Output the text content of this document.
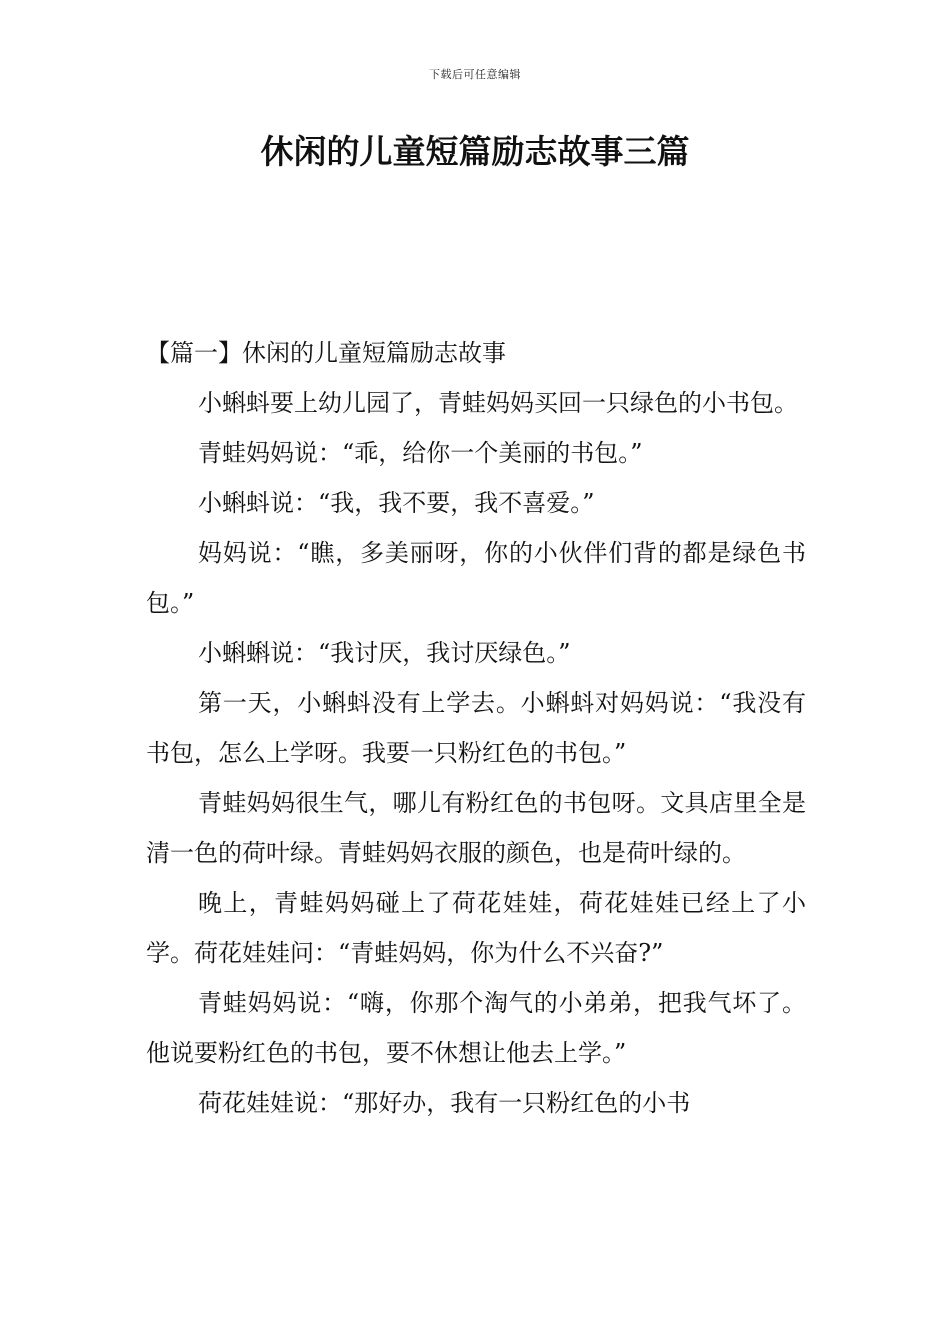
下载后可任意编辑
休闲的儿童短篇励志故事三篇
【篇一】休闲的儿童短篇励志故事

小蝌蚪要上幼儿园了，青蛙妈妈买回一只绿色的小书包。

青蛙妈妈说：“乖，给你一个美丽的书包。”

小蝌蚪说：“我，我不要，我不喜爱。”

妈妈说：“瞧，多美丽呀，你的小伙伴们背的都是绿色书包。”

小蝌蝌说：“我讨厌，我讨厌绿色。”

第一天，小蝌蚪没有上学去。小蝌蚪对妈妈说：“我没有书包，怎么上学呀。我要一只粉红色的书包。”

青蛙妈妈很生气，哪儿有粉红色的书包呀。文具店里全是清一色的荷叶绿。青蛙妈妈衣服的颜色，也是荷叶绿的。

晚上，青蛙妈妈碰上了荷花娃娃，荷花娃娃已经上了小学。荷花娃娃问：“青蛙妈妈，你为什么不兴奋?”

青蛙妈妈说：“嗨，你那个淘气的小弟弟，把我气坏了。他说要粉红色的书包，要不休想让他去上学。”

荷花娃娃说：“那好办，我有一只粉红色的小书
